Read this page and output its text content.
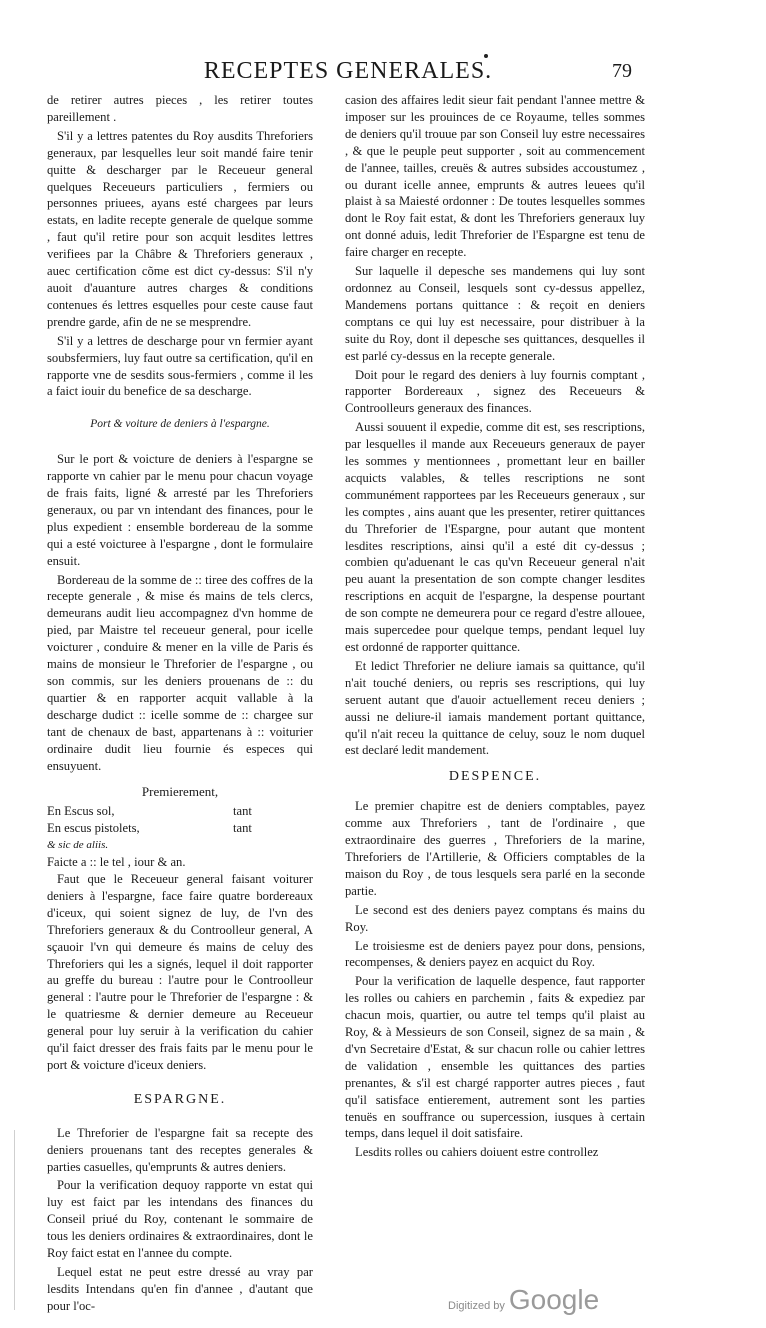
RECEPTES GENERALES.	79

de retirer autres pieces , les retirer toutes pareillement .

S'il y a lettres patentes du Roy ausdits Threforiers generaux, par lesquelles leur soit mandé faire tenir quitte & descharger par le Receueur general quelques Receueurs particuliers , fermiers ou personnes priuees, ayans esté chargees par leurs estats, en ladite recepte generale de quelque somme , faut qu'il retire pour son acquit lesdites lettres verifiees par la Châbre & Threforiers generaux , auec certification cõme est dict cy-dessus: S'il n'y auoit d'auanture autres charges & conditions contenues és lettres esquelles pour ceste cause faut prendre garde, afin de ne se mesprendre.

S'il y a lettres de descharge pour vn fermier ayant soubsfermiers, luy faut outre sa certification, qu'il en rapporte vne de sesdits sous-fermiers , comme il les a faict iouir du benefice de sa descharge.

Port & voiture de deniers à l'espargne.

Sur le port & voicture de deniers à l'espargne se rapporte vn cahier par le menu pour chacun voyage de frais faits, ligné & arresté par les Threforiers generaux, ou par vn intendant des finances, pour le plus expedient : ensemble bordereau de la somme qui a esté voicturee à l'espargne , dont le formulaire ensuit.

Bordereau de la somme de :: tiree des coffres de la recepte generale , & mise és mains de tels clercs, demeurans audit lieu accompagnez d'vn homme de pied, par Maistre tel receueur general, pour icelle voicturer , conduire & mener en la ville de Paris és mains de monsieur le Threforier de l'espargne , ou son commis, sur les deniers prouenans de :: du quartier & en rapporter acquit vallable à la descharge dudict :: icelle somme de :: chargee sur tant de chenaux de bast, appartenans à :: voiturier ordinaire dudit lieu fournie és especes qui ensuyuent.

Premierement,
En Escus sol,	tant
En escus pistolets,	tant
& sic de aliis.
Faicte a :: le tel , iour & an.

Faut que le Receueur general faisant voiturer deniers à l'espargne, face faire quatre bordereaux d'iceux, qui soient signez de luy, de l'vn des Threforiers generaux & du Controolleur general, A sçauoir l'vn qui demeure és mains de celuy des Threforiers qui les a signés, lequel il doit rapporter au greffe du bureau : l'autre pour le Controolleur general : l'autre pour le Threforier de l'espargne : & le quatriesme & dernier demeure au Receueur general pour luy seruir à la verification du cahier qu'il faict dresser des frais faits par le menu pour le port & voicture d'iceux deniers.

ESPARGNE.

Le Threforier de l'espargne fait sa recepte des deniers prouenans tant des receptes generales & parties casuelles, qu'emprunts & autres deniers.

Pour la verification dequoy rapporte vn estat qui luy est faict par les intendans des finances du Conseil priué du Roy, contenant le sommaire de tous les deniers ordinaires & extraordinaires, dont le Roy faict estat en l'annee du compte.

Lequel estat ne peut estre dressé au vray par lesdits Intendans qu'en fin d'annee , d'autant que pour l'oc-

casion des affaires ledit sieur fait pendant l'annee mettre & imposer sur les prouinces de ce Royaume, telles sommes de deniers qu'il trouue par son Conseil luy estre necessaires , & que le peuple peut supporter , soit au commencement de l'annee, tailles, creuës & autres subsides accoustumez , ou durant icelle annee, emprunts & autres leuees qu'il plaist à sa Maiesté ordonner : De toutes lesquelles sommes dont le Roy fait estat, & dont les Threforiers generaux luy ont donné aduis, ledit Threforier de l'Espargne est tenu de faire charger en recepte.

Sur laquelle il depesche ses mandemens qui luy sont ordonnez au Conseil, lesquels sont cy-dessus appellez, Mandemens portans quittance : & reçoit en deniers comptans ce qui luy est necessaire, pour distribuer à la suite du Roy, dont il depesche ses quittances, desquelles il est parlé cy-dessus en la recepte generale.

Doit pour le regard des deniers à luy fournis comptant , rapporter Bordereaux , signez des Receueurs & Controolleurs generaux des finances.

Aussi souuent il expedie, comme dit est, ses rescriptions, par lesquelles il mande aux Receueurs generaux de payer les sommes y mentionnees , promettant leur en bailler acquicts valables, & telles rescriptions ne sont communément rapportees par les Receueurs generaux , sur les comptes , ains auant que les presenter, retirer quittances du Threforier de l'Espargne, pour autant que montent lesdites rescriptions, ainsi qu'il a esté dit cy-dessus ; combien qu'aduenant le cas qu'vn Receueur general n'ait peu auant la presentation de son compte changer lesdites rescriptions en acquit de l'espargne, la despense pourtant de son compte ne demeurera pour ce regard d'estre allouee, mais supercedee pour quelque temps, pendant lequel luy est ordonné de rapporter quittance.

Et ledict Threforier ne deliure iamais sa quittance, qu'il n'ait touché deniers, ou repris ses rescriptions, qui luy seruent autant que d'auoir actuellement receu deniers ; aussi ne deliure-il iamais mandement portant quittance, qu'il n'ait receu la quittance de celuy, souz le nom duquel est declaré ledit mandement.

DESPENCE.

Le premier chapitre est de deniers comptables, payez comme aux Threforiers , tant de l'ordinaire , que extraordinaire des guerres , Threforiers de la marine, Threforiers de l'Artillerie, & Officiers comptables de la maison du Roy , de tous lesquels sera parlé en la seconde partie.

Le second est des deniers payez comptans és mains du Roy.

Le troisiesme est de deniers payez pour dons, pensions, recompenses, & deniers payez en acquict du Roy.

Pour la verification de laquelle despence, faut rapporter les rolles ou cahiers en parchemin , faits & expediez par chacun mois, quartier, ou autre tel temps qu'il plaist au Roy, & à Messieurs de son Conseil, signez de sa main , & d'vn Secretaire d'Estat, & sur chacun rolle ou cahier lettres de validation , ensemble les quittances des parties prenantes, & s'il est chargé rapporter autres pieces , faut qu'il satisface entierement, autrement sont les parties tenuës en souffrance ou supercession, iusques à certain temps, dans lequel il doit satisfaire.

Lesdits rolles ou cahiers doiuent estre controllez

Digitized by Google
